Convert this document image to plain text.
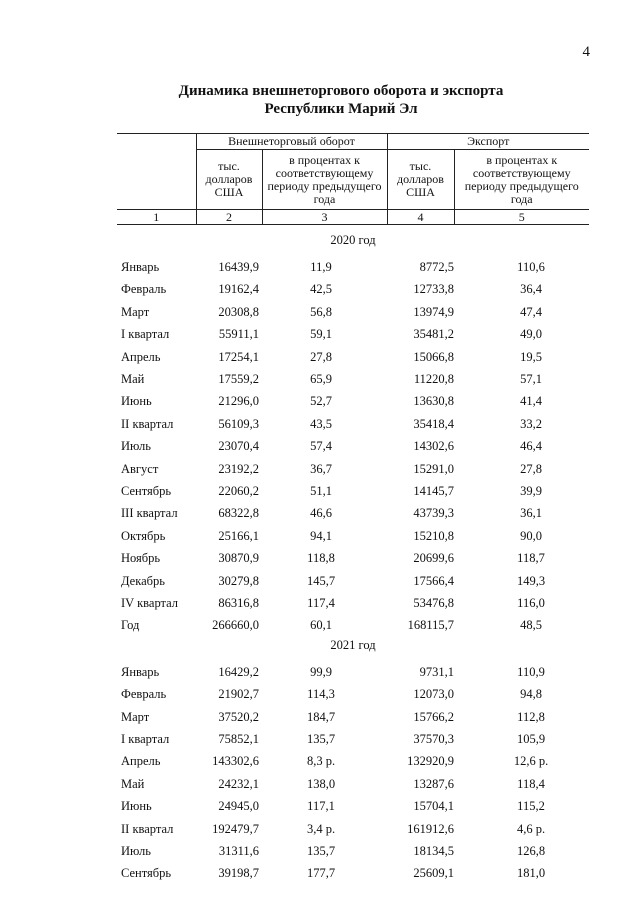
4
Динамика внешнеторгового оборота и экспорта
Республики Марий Эл
	Внешнеторговый оборот		Экспорт	
	тыс. долларов США	в процентах к соответствующему периоду предыдущего года	тыс. долларов США	в процентах к соответствующему периоду предыдущего года
1	2	3	4	5
2020 год
Январь	16439,9	11,9	8772,5	110,6
Февраль	19162,4	42,5	12733,8	36,4
Март	20308,8	56,8	13974,9	47,4
I квартал	55911,1	59,1	35481,2	49,0
Апрель	17254,1	27,8	15066,8	19,5
Май	17559,2	65,9	11220,8	57,1
Июнь	21296,0	52,7	13630,8	41,4
II квартал	56109,3	43,5	35418,4	33,2
Июль	23070,4	57,4	14302,6	46,4
Август	23192,2	36,7	15291,0	27,8
Сентябрь	22060,2	51,1	14145,7	39,9
III квартал	68322,8	46,6	43739,3	36,1
Октябрь	25166,1	94,1	15210,8	90,0
Ноябрь	30870,9	118,8	20699,6	118,7
Декабрь	30279,8	145,7	17566,4	149,3
IV квартал	86316,8	117,4	53476,8	116,0
Год	266660,0	60,1	168115,7	48,5
2021 год
Январь	16429,2	99,9	9731,1	110,9
Февраль	21902,7	114,3	12073,0	94,8
Март	37520,2	184,7	15766,2	112,8
I квартал	75852,1	135,7	37570,3	105,9
Апрель	143302,6	8,3 р.	132920,9	12,6 р.
Май	24232,1	138,0	13287,6	118,4
Июнь	24945,0	117,1	15704,1	115,2
II квартал	192479,7	3,4 р.	161912,6	4,6 р.
Июль	31311,6	135,7	18134,5	126,8
Сентябрь	39198,7	177,7	25609,1	181,0
